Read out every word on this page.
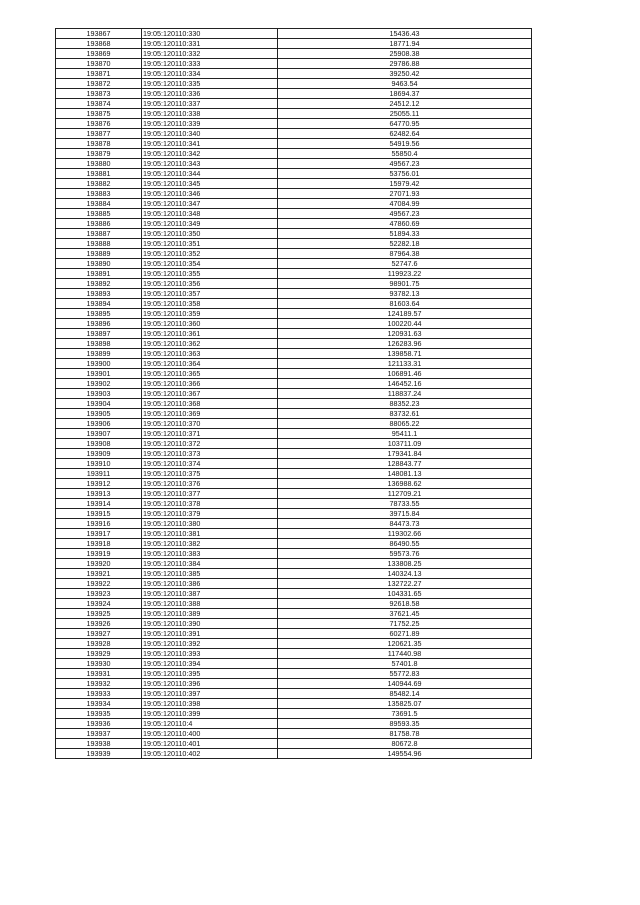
193867	19:05:120110:330	15436.43
193868	19:05:120110:331	18771.94
193869	19:05:120110:332	25908.38
193870	19:05:120110:333	29786.88
193871	19:05:120110:334	39250.42
193872	19:05:120110:335	9463.54
193873	19:05:120110:336	18694.37
193874	19:05:120110:337	24512.12
193875	19:05:120110:338	25055.11
193876	19:05:120110:339	64770.95
193877	19:05:120110:340	62482.64
193878	19:05:120110:341	54919.56
193879	19:05:120110:342	55850.4
193880	19:05:120110:343	49567.23
193881	19:05:120110:344	53756.01
193882	19:05:120110:345	15979.42
193883	19:05:120110:346	27071.93
193884	19:05:120110:347	47084.99
193885	19:05:120110:348	49567.23
193886	19:05:120110:349	47860.69
193887	19:05:120110:350	51894.33
193888	19:05:120110:351	52282.18
193889	19:05:120110:352	87964.38
193890	19:05:120110:354	52747.6
193891	19:05:120110:355	119923.22
193892	19:05:120110:356	98901.75
193893	19:05:120110:357	93782.13
193894	19:05:120110:358	81603.64
193895	19:05:120110:359	124189.57
193896	19:05:120110:360	100220.44
193897	19:05:120110:361	120931.63
193898	19:05:120110:362	126283.96
193899	19:05:120110:363	139858.71
193900	19:05:120110:364	121133.31
193901	19:05:120110:365	106891.46
193902	19:05:120110:366	146452.16
193903	19:05:120110:367	118837.24
193904	19:05:120110:368	88352.23
193905	19:05:120110:369	83732.61
193906	19:05:120110:370	88065.22
193907	19:05:120110:371	95411.1
193908	19:05:120110:372	103711.09
193909	19:05:120110:373	179341.84
193910	19:05:120110:374	128843.77
193911	19:05:120110:375	148081.13
193912	19:05:120110:376	136988.62
193913	19:05:120110:377	112709.21
193914	19:05:120110:378	78733.55
193915	19:05:120110:379	39715.84
193916	19:05:120110:380	84473.73
193917	19:05:120110:381	119302.66
193918	19:05:120110:382	86490.55
193919	19:05:120110:383	59573.76
193920	19:05:120110:384	133808.25
193921	19:05:120110:385	140324.13
193922	19:05:120110:386	132722.27
193923	19:05:120110:387	104331.65
193924	19:05:120110:388	92618.58
193925	19:05:120110:389	37621.45
193926	19:05:120110:390	71752.25
193927	19:05:120110:391	60271.89
193928	19:05:120110:392	120621.35
193929	19:05:120110:393	117440.98
193930	19:05:120110:394	57401.8
193931	19:05:120110:395	55772.83
193932	19:05:120110:396	140944.69
193933	19:05:120110:397	85482.14
193934	19:05:120110:398	135825.07
193935	19:05:120110:399	73691.5
193936	19:05:120110:4	89593.35
193937	19:05:120110:400	81758.78
193938	19:05:120110:401	80672.8
193939	19:05:120110:402	149554.96
